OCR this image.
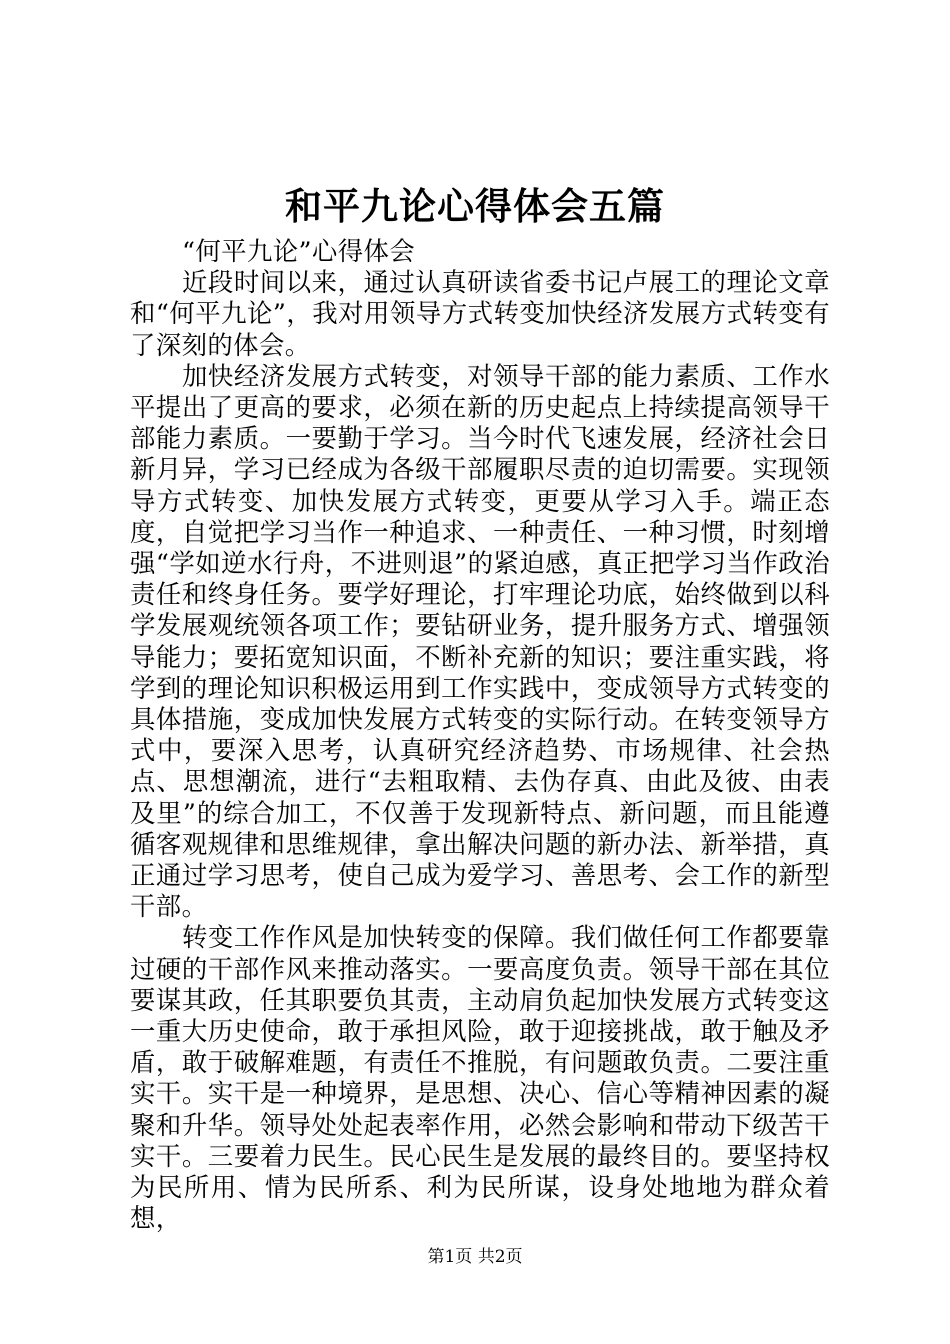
和平九论心得体会五篇

“何平九论”心得体会

近段时间以来，通过认真研读省委书记卢展工的理论文章和“何平九论”，我对用领导方式转变加快经济发展方式转变有了深刻的体会。

加快经济发展方式转变，对领导干部的能力素质、工作水平提出了更高的要求，必须在新的历史起点上持续提高领导干部能力素质。一要勤于学习。当今时代飞速发展，经济社会日新月异，学习已经成为各级干部履职尽责的迫切需要。实现领导方式转变、加快发展方式转变，更要从学习入手。端正态度，自觉把学习当作一种追求、一种责任、一种习惯，时刻增强“学如逆水行舟，不进则退”的紧迫感，真正把学习当作政治责任和终身任务。要学好理论，打牢理论功底，始终做到以科学发展观统领各项工作；要钻研业务，提升服务方式、增强领导能力；要拓宽知识面，不断补充新的知识；要注重实践，将学到的理论知识积极运用到工作实践中，变成领导方式转变的具体措施，变成加快发展方式转变的实际行动。在转变领导方式中，要深入思考，认真研究经济趋势、市场规律、社会热点、思想潮流，进行“去粗取精、去伪存真、由此及彼、由表及里”的综合加工，不仅善于发现新特点、新问题，而且能遵循客观规律和思维规律，拿出解决问题的新办法、新举措，真正通过学习思考，使自己成为爱学习、善思考、会工作的新型干部。

转变工作作风是加快转变的保障。我们做任何工作都要靠过硬的干部作风来推动落实。一要高度负责。领导干部在其位要谋其政，任其职要负其责，主动肩负起加快发展方式转变这一重大历史使命，敢于承担风险，敢于迎接挑战，敢于触及矛盾，敢于破解难题，有责任不推脱，有问题敢负责。二要注重实干。实干是一种境界，是思想、决心、信心等精神因素的凝聚和升华。领导处处起表率作用，必然会影响和带动下级苦干实干。三要着力民生。民心民生是发展的最终目的。要坚持权为民所用、情为民所系、利为民所谋，设身处地地为群众着想，

第1页 共2页
